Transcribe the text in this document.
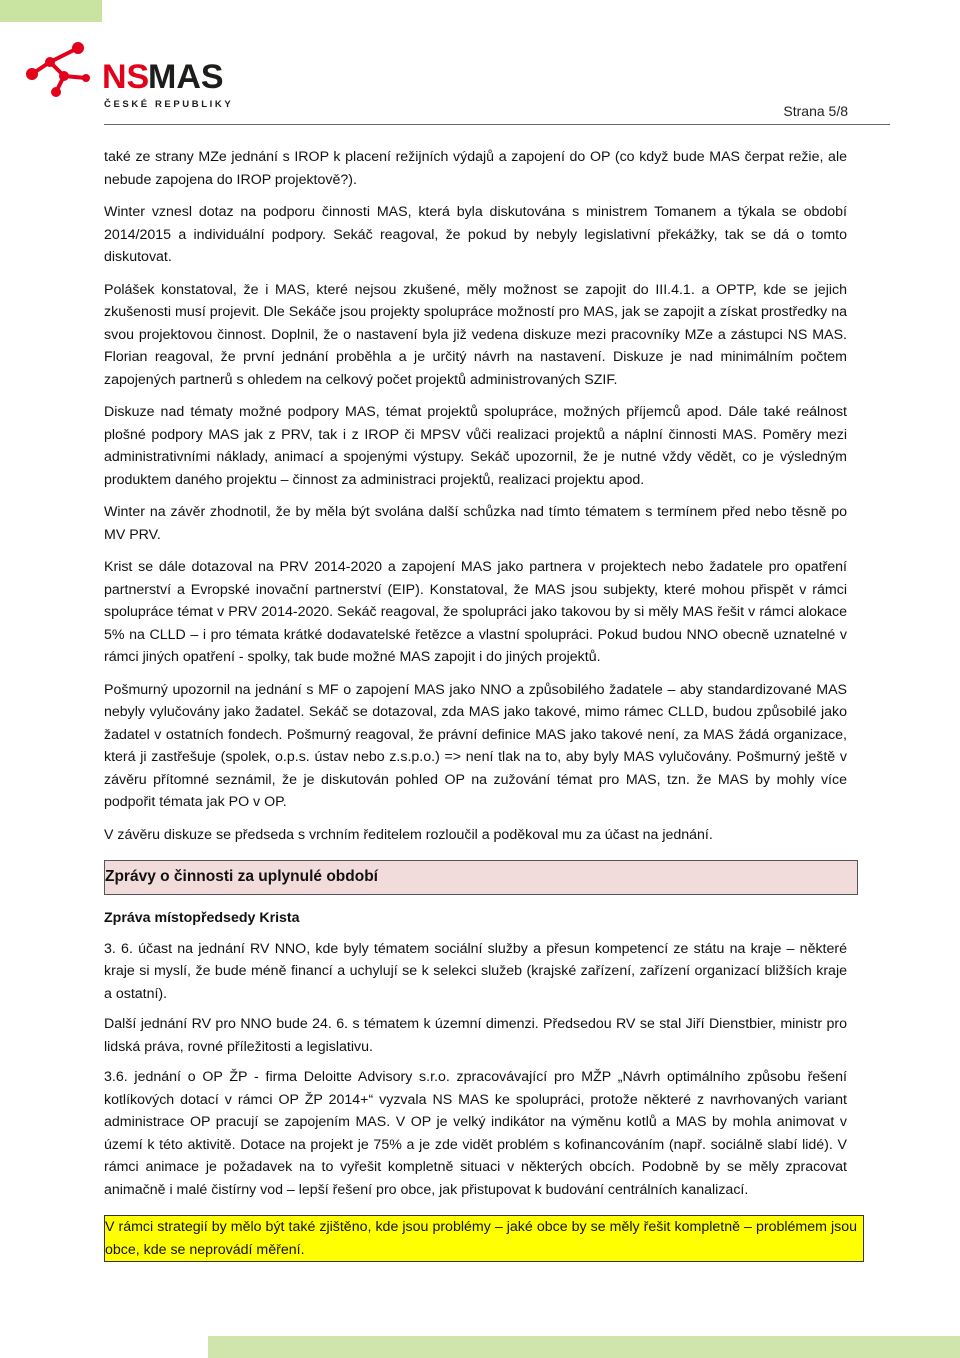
NS
MAS
ČESKÉ REPUBLIKY	Strana 5/8

také ze strany MZe jednání s IROP k placení režijních výdajů a zapojení do OP (co když bude MAS čerpat režie, ale nebude zapojena do IROP projektově?).

Winter vznesl dotaz na podporu činnosti MAS, která byla diskutována s ministrem Tomanem a týkala se období 2014/2015 a individuální podpory. Sekáč reagoval, že pokud by nebyly legislativní překážky, tak se dá o tomto diskutovat.

Polášek konstatoval, že i MAS, které nejsou zkušené, měly možnost se zapojit do III.4.1. a OPTP, kde se jejich zkušenosti musí projevit. Dle Sekáče jsou projekty spolupráce možností pro MAS, jak se zapojit a získat prostředky na svou projektovou činnost. Doplnil, že o nastavení byla již vedena diskuze mezi pracovníky MZe a zástupci NS MAS. Florian reagoval, že první jednání proběhla a je určitý návrh na nastavení. Diskuze je nad minimálním počtem zapojených partnerů s ohledem na celkový počet projektů administrovaných SZIF.

Diskuze nad tématy možné podpory MAS, témat projektů spolupráce, možných příjemců apod. Dále také reálnost plošné podpory MAS jak z PRV, tak i z IROP či MPSV vůči realizaci projektů a náplní činnosti MAS. Poměry mezi administrativními náklady, animací a spojenými výstupy. Sekáč upozornil, že je nutné vždy vědět, co je výsledným produktem daného projektu – činnost za administraci projektů, realizaci projektu apod.

Winter na závěr zhodnotil, že by měla být svolána další schůzka nad tímto tématem s termínem před nebo těsně po MV PRV.

Krist se dále dotazoval na PRV 2014-2020 a zapojení MAS jako partnera v projektech nebo žadatele pro opatření partnerství a Evropské inovační partnerství (EIP). Konstatoval, že MAS jsou subjekty, které mohou přispět v rámci spolupráce témat v PRV 2014-2020. Sekáč reagoval, že spolupráci jako takovou by si měly MAS řešit v rámci alokace 5% na CLLD – i pro témata krátké dodavatelské řetězce a vlastní spolupráci. Pokud budou NNO obecně uznatelné v rámci jiných opatření - spolky, tak bude možné MAS zapojit i do jiných projektů.

Pošmurný upozornil na jednání s MF o zapojení MAS jako NNO a způsobilého žadatele – aby standardizované MAS nebyly vylučovány jako žadatel. Sekáč se dotazoval, zda MAS jako takové, mimo rámec CLLD, budou způsobilé jako žadatel v ostatních fondech. Pošmurný reagoval, že právní definice MAS jako takové není, za MAS žádá organizace, která ji zastřešuje (spolek, o.p.s. ústav nebo z.s.p.o.) => není tlak na to, aby byly MAS vylučovány. Pošmurný ještě v závěru přítomné seznámil, že je diskutován pohled OP na zužování témat pro MAS, tzn. že MAS by mohly více podpořit témata jak PO v OP.

V závěru diskuze se předseda s vrchním ředitelem rozloučil a poděkoval mu za účast na jednání.

Zprávy o činnosti za uplynulé období
Zpráva místopředsedy Krista

3. 6. účast na jednání RV NNO, kde byly tématem sociální služby a přesun kompetencí ze státu na kraje – některé kraje si myslí, že bude méně financí a uchylují se k selekci služeb (krajské zařízení, zařízení organizací bližších kraje a ostatní).

Další jednání RV pro NNO bude 24. 6. s tématem k územní dimenzi. Předsedou RV se stal Jiří Dienstbier, ministr pro lidská práva, rovné příležitosti a legislativu.

3.6. jednání o OP ŽP - firma Deloitte Advisory s.r.o. zpracovávající pro MŽP „Návrh optimálního způsobu řešení kotlíkových dotací v rámci OP ŽP 2014+“ vyzvala NS MAS ke spolupráci, protože některé z navrhovaných variant administrace OP pracují se zapojením MAS. V OP je velký indikátor na výměnu kotlů a MAS by mohla animovat v území k této aktivitě. Dotace na projekt je 75% a je zde vidět problém s kofinancováním (např. sociálně slabí lidé). V rámci animace je požadavek na to vyřešit kompletně situaci v některých obcích. Podobně by se měly zpracovat animačně i malé čistírny vod – lepší řešení pro obce, jak přistupovat k budování centrálních kanalizací.

V rámci strategií by mělo být také zjištěno, kde jsou problémy – jaké obce by se měly řešit kompletně – problémem jsou obce, kde se neprovádí měření.
